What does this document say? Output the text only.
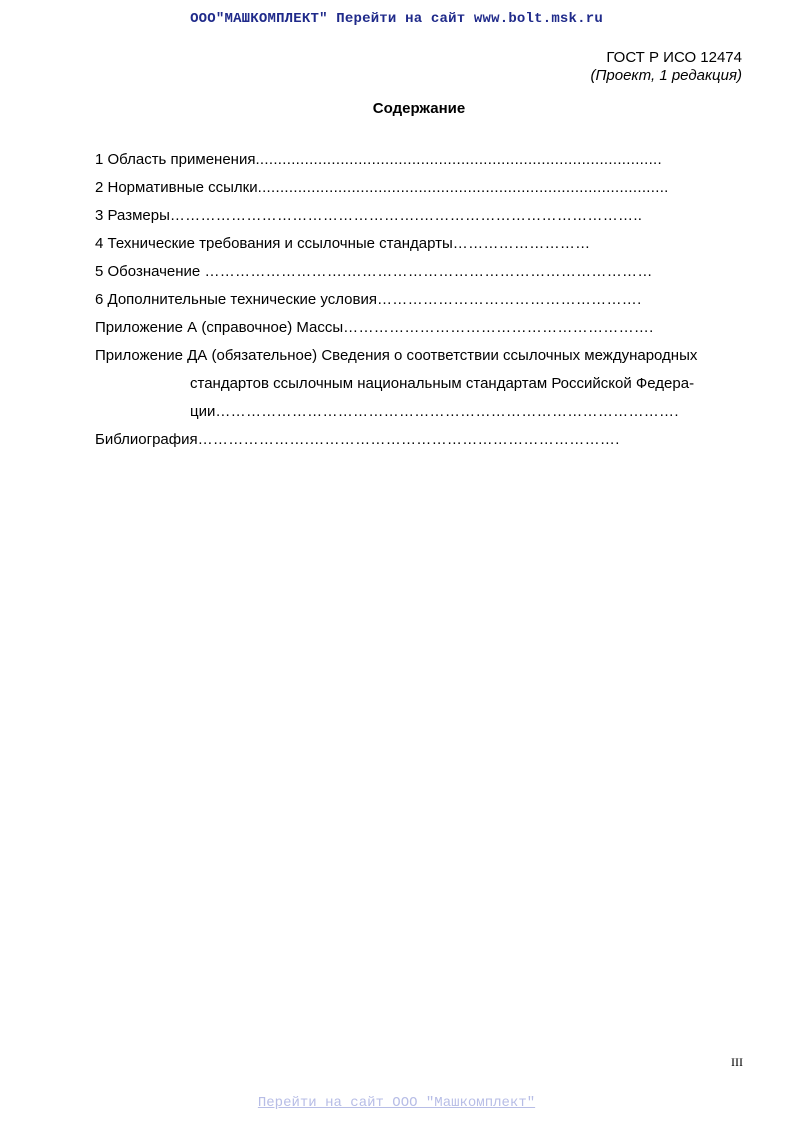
ООО"МАШКОМПЛЕКТ" Перейти на сайт www.bolt.msk.ru
ГОСТ Р ИСО 12474
(Проект, 1 редакция)
Содержание
1 Область применения...........................................................................................
2 Нормативные ссылки............................................................................................
3 Размеры………………………………………….……………………………………..
4 Технические требования и ссылочные стандарты………………………
5 Обозначение ……………………….……………………………………………………
6 Дополнительные технические условия…………………………………………….
Приложение А (справочное) Массы…………………………………………………….
Приложение ДА (обязательное) Сведения о соответствии ссылочных международных
стандартов ссылочным национальным стандартам Российской Федера-
ции……………………………………………………………………………….
Библиография………………….…………………………………………………….
III
Перейти на сайт ООО "Машкомплект"
